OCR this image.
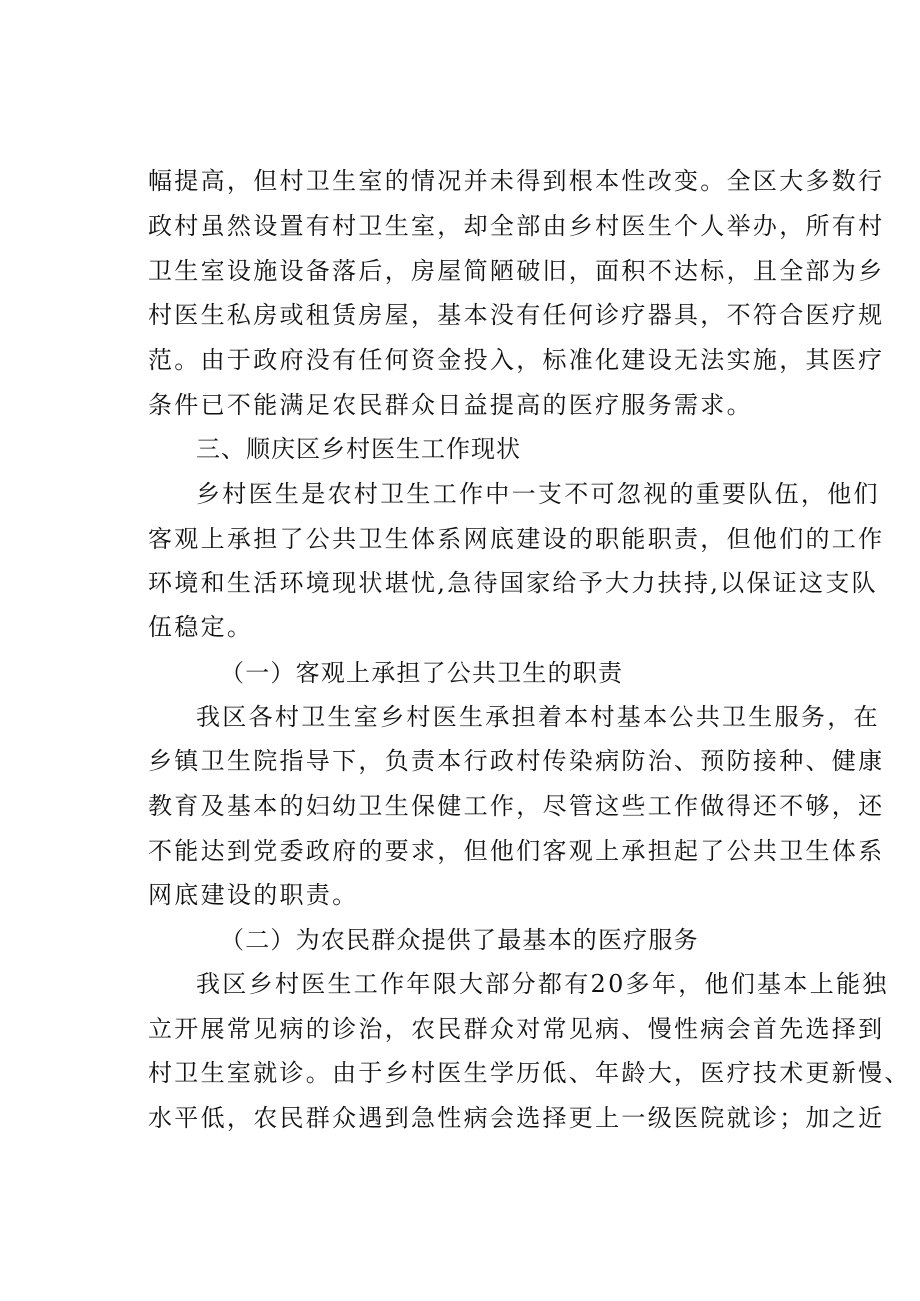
幅提高，但村卫生室的情况并未得到根本性改变。全区大多数行
政村虽然设置有村卫生室，却全部由乡村医生个人举办，所有村
卫生室设施设备落后，房屋简陋破旧，面积不达标，且全部为乡
村医生私房或租赁房屋，基本没有任何诊疗器具，不符合医疗规
范。由于政府没有任何资金投入，标准化建设无法实施，其医疗
条件已不能满足农民群众日益提高的医疗服务需求。
三、顺庆区乡村医生工作现状
乡村医生是农村卫生工作中一支不可忽视的重要队伍，他们
客观上承担了公共卫生体系网底建设的职能职责，但他们的工作
环境和生活环境现状堪忧,急待国家给予大力扶持,以保证这支队
伍稳定。
（一）客观上承担了公共卫生的职责
我区各村卫生室乡村医生承担着本村基本公共卫生服务，在
乡镇卫生院指导下，负责本行政村传染病防治、预防接种、健康
教育及基本的妇幼卫生保健工作，尽管这些工作做得还不够，还
不能达到党委政府的要求，但他们客观上承担起了公共卫生体系
网底建设的职责。
（二）为农民群众提供了最基本的医疗服务
我区乡村医生工作年限大部分都有20多年，他们基本上能独
立开展常见病的诊治，农民群众对常见病、慢性病会首先选择到
村卫生室就诊。由于乡村医生学历低、年龄大，医疗技术更新慢、
水平低，农民群众遇到急性病会选择更上一级医院就诊；加之近
